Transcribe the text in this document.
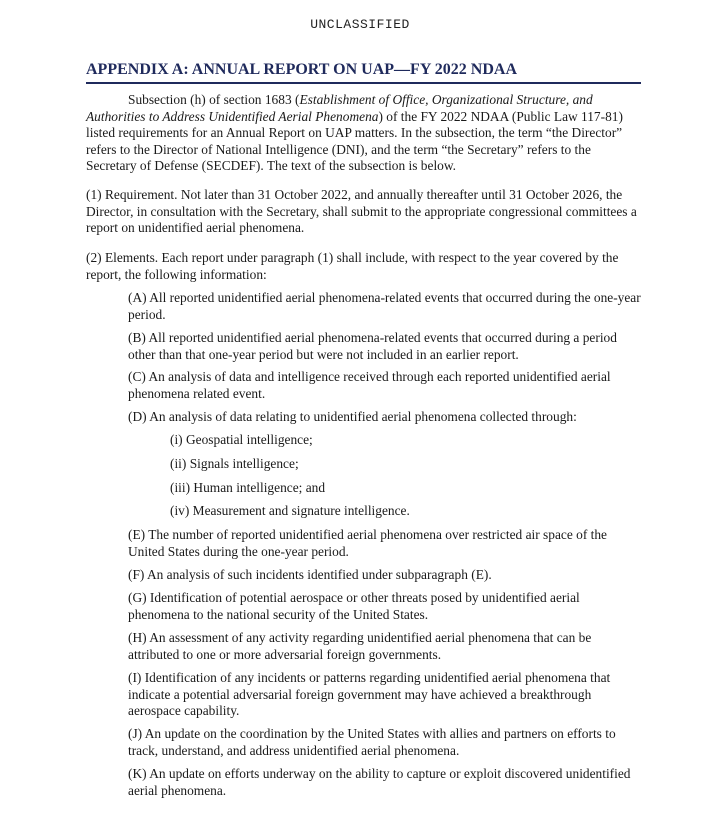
UNCLASSIFIED
APPENDIX A: ANNUAL REPORT ON UAP—FY 2022 NDAA
Subsection (h) of section 1683 (Establishment of Office, Organizational Structure, and Authorities to Address Unidentified Aerial Phenomena) of the FY 2022 NDAA (Public Law 117-81) listed requirements for an Annual Report on UAP matters. In the subsection, the term “the Director” refers to the Director of National Intelligence (DNI), and the term “the Secretary” refers to the Secretary of Defense (SECDEF). The text of the subsection is below.
(1) Requirement. Not later than 31 October 2022, and annually thereafter until 31 October 2026, the Director, in consultation with the Secretary, shall submit to the appropriate congressional committees a report on unidentified aerial phenomena.
(2) Elements. Each report under paragraph (1) shall include, with respect to the year covered by the report, the following information:
(A) All reported unidentified aerial phenomena-related events that occurred during the one-year period.
(B) All reported unidentified aerial phenomena-related events that occurred during a period other than that one-year period but were not included in an earlier report.
(C) An analysis of data and intelligence received through each reported unidentified aerial phenomena related event.
(D) An analysis of data relating to unidentified aerial phenomena collected through:
(i) Geospatial intelligence;
(ii) Signals intelligence;
(iii) Human intelligence; and
(iv) Measurement and signature intelligence.
(E) The number of reported unidentified aerial phenomena over restricted air space of the United States during the one-year period.
(F) An analysis of such incidents identified under subparagraph (E).
(G) Identification of potential aerospace or other threats posed by unidentified aerial phenomena to the national security of the United States.
(H) An assessment of any activity regarding unidentified aerial phenomena that can be attributed to one or more adversarial foreign governments.
(I) Identification of any incidents or patterns regarding unidentified aerial phenomena that indicate a potential adversarial foreign government may have achieved a breakthrough aerospace capability.
(J) An update on the coordination by the United States with allies and partners on efforts to track, understand, and address unidentified aerial phenomena.
(K) An update on efforts underway on the ability to capture or exploit discovered unidentified aerial phenomena.
